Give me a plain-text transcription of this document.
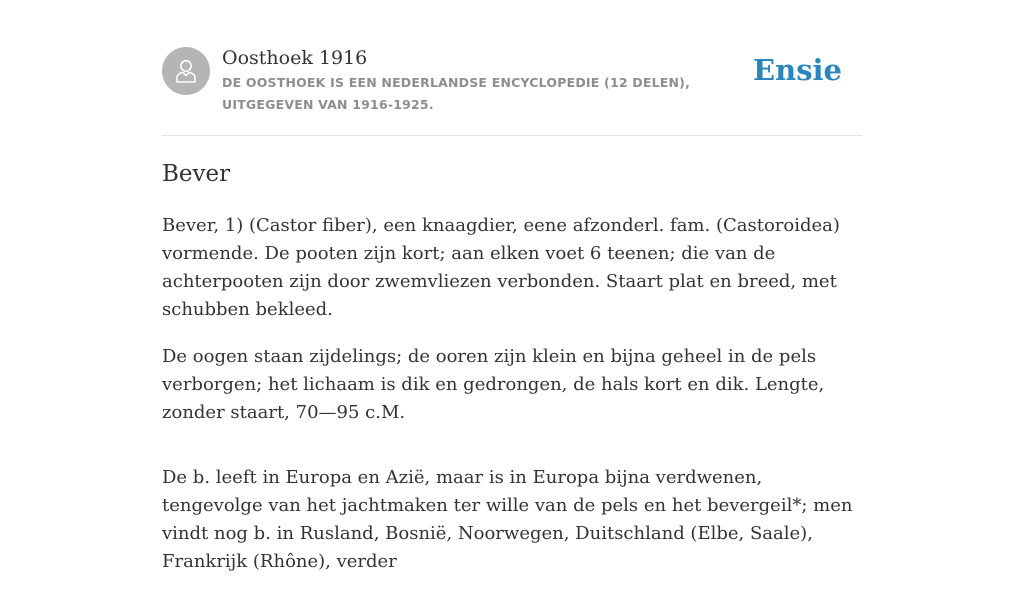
Oosthoek 1916
DE OOSTHOEK IS EEN NEDERLANDSE ENCYCLOPEDIE (12 DELEN), UITGEGEVEN VAN 1916-1925.
Ensie
Bever

Bever, 1) (Castor fiber), een knaagdier, eene afzonderl. fam. (Castoroidea) vormende. De pooten zijn kort; aan elken voet 6 teenen; die van de achterpooten zijn door zwemvliezen verbonden. Staart plat en breed, met schubben bekleed.

De oogen staan zijdelings; de ooren zijn klein en bijna geheel in de pels verborgen; het lichaam is dik en gedrongen, de hals kort en dik. Lengte, zonder staart, 70—95 c.M.

De b. leeft in Europa en Azië, maar is in Europa bijna verdwenen, tengevolge van het jachtmaken ter wille van de pels en het bevergeil*; men vindt nog b. in Rusland, Bosnië, Noorwegen, Duitschland (Elbe, Saale), Frankrijk (Rhône), verder
